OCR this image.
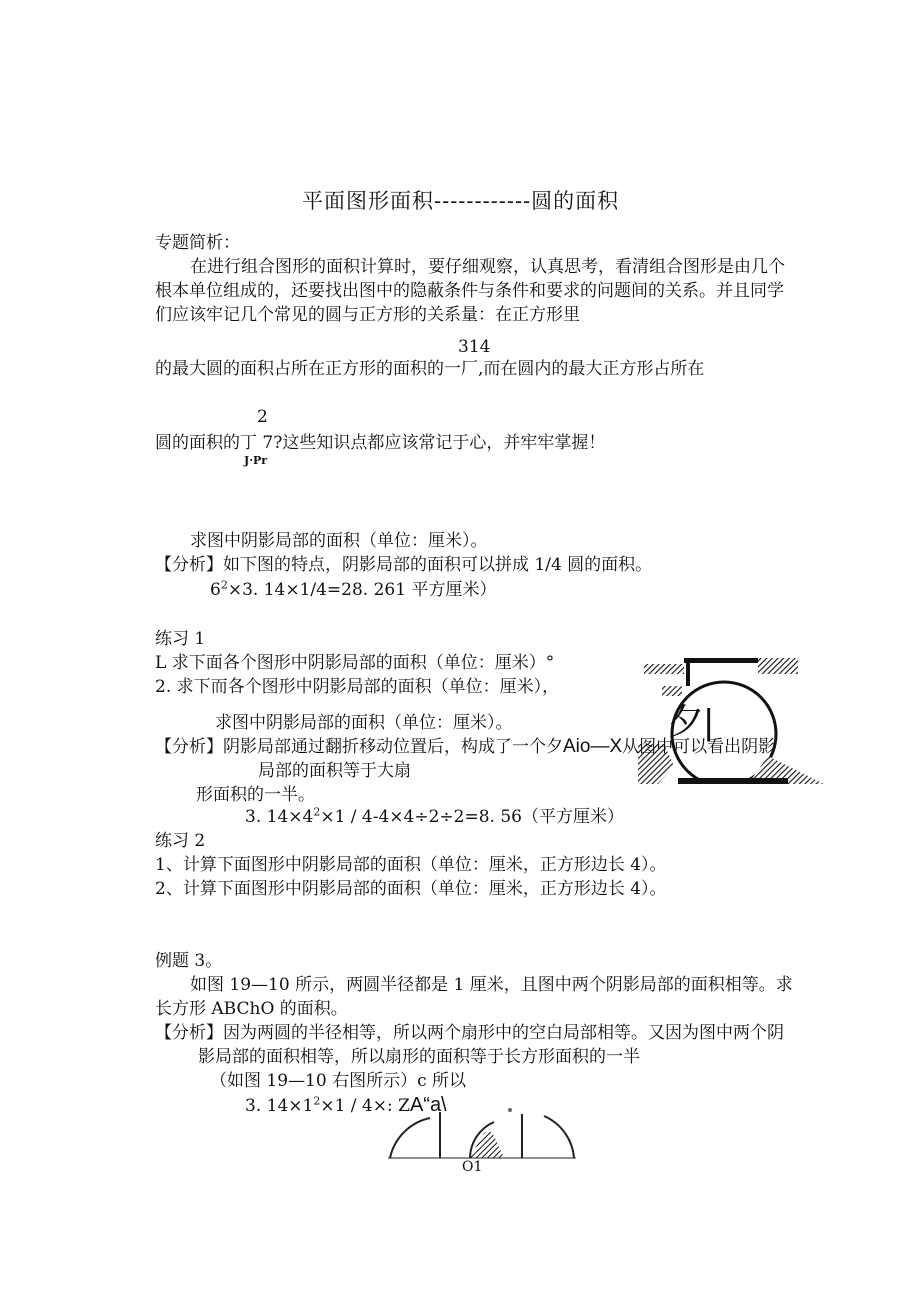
平面图形面积------------圆的面积
专题简析：
在进行组合图形的面积计算时，要仔细观察，认真思考，看清组合图形是由几个
根本单位组成的，还要找出图中的隐蔽条件与条件和要求的问题间的关系。并且同学
们应该牢记几个常见的圆与正方形的关系量：在正方形里
314
的最大圆的面积占所在正方形的面积的一厂,而在圆内的最大正方形占所在
2
圆的面积的丁 7?这些知识点都应该常记于心，并牢牢掌握！
J·Pr
求图中阴影局部的面积（单位：厘米）。
【分析】如下图的特点，阴影局部的面积可以拼成 1/4 圆的面积。
$6^2\times 3$. 14×1/4=28. 261 平方厘米）
练习 1
L 求下面各个图形中阴影局部的面积（单位：厘米）°
2. 求下而各个图形中阴影局部的面积（单位：厘米），
夕|
求图中阴影局部的面积（单位：厘米）。
【分析】阴影局部通过翻折移动位置后，构成了一个夕Aio—X从图中可以看出阴影
局部的面积等于大扇
形面积的一半。
3. $14\times 4^2\times 1 / 4-4\times 4\div 2\div 2=8$. 56（平方厘米）
练习 2
1、计算下面图形中阴影局部的面积（单位：厘米，正方形边长 4）。
2、计算下面图形中阴影局部的面积（单位：厘米，正方形边长 4）。
例题 3。
如图 19—10 所示，两圆半径都是 1 厘米，且图中两个阴影局部的面积相等。求
长方形 ABChO 的面积。
【分析】因为两圆的半径相等，所以两个扇形中的空白局部相等。又因为图中两个阴
影局部的面积相等，所以扇形的面积等于长方形面积的一半
（如图 19—10 右图所示）c 所以
3. $14\times 1^2\times 1 / 4\times$: ZA“a\
O1
